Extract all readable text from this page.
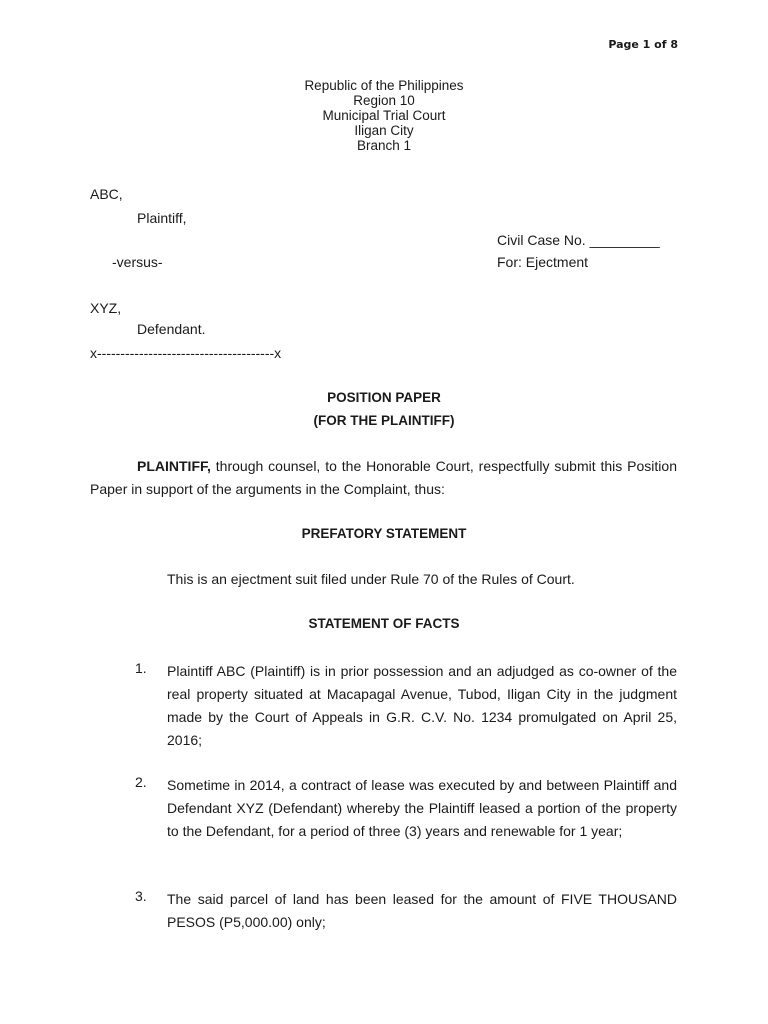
Page 1 of 8
Republic of the Philippines
Region 10
Municipal Trial Court
Iligan City
Branch 1
ABC,
Plaintiff,
Civil Case No. _________
-versus-	For: Ejectment
XYZ,
Defendant.
x--------------------------------------x
POSITION PAPER
(FOR THE PLAINTIFF)
PLAINTIFF, through counsel, to the Honorable Court, respectfully submit this Position Paper in support of the arguments in the Complaint, thus:
PREFATORY STATEMENT
This is an ejectment suit filed under Rule 70 of the Rules of Court.
STATEMENT OF FACTS
1. Plaintiff ABC (Plaintiff) is in prior possession and an adjudged as co-owner of the real property situated at Macapagal Avenue, Tubod, Iligan City in the judgment made by the Court of Appeals in G.R. C.V. No. 1234 promulgated on April 25, 2016;
2. Sometime in 2014, a contract of lease was executed by and between Plaintiff and Defendant XYZ (Defendant) whereby the Plaintiff leased a portion of the property to the Defendant, for a period of three (3) years and renewable for 1 year;
3. The said parcel of land has been leased for the amount of FIVE THOUSAND PESOS (P5,000.00) only;
